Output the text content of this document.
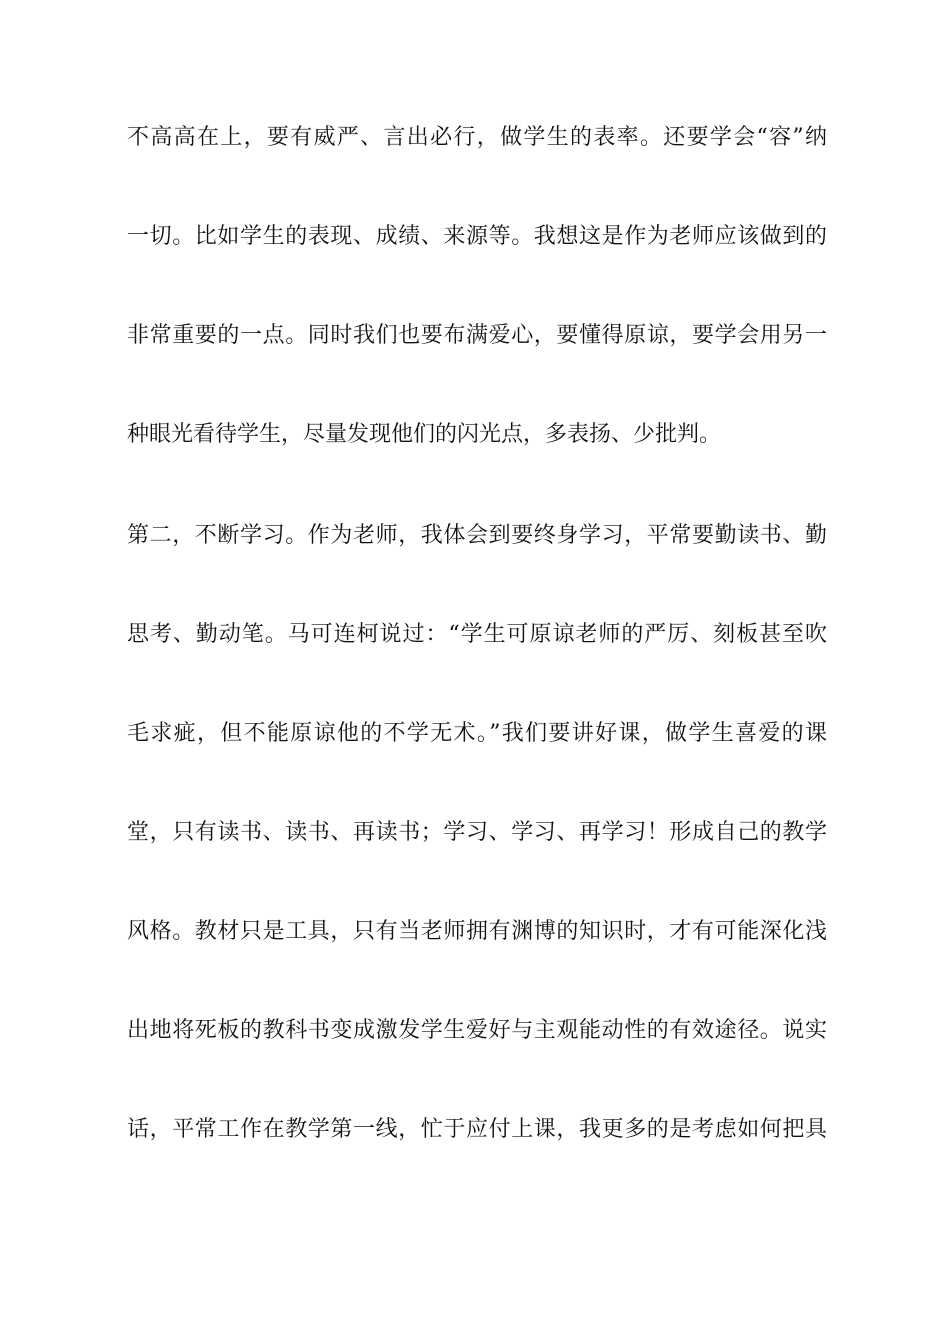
不高高在上，要有威严、言出必行，做学生的表率。还要学会“容”纳
一切。比如学生的表现、成绩、来源等。我想这是作为老师应该做到的
非常重要的一点。同时我们也要布满爱心，要懂得原谅，要学会用另一
种眼光看待学生，尽量发现他们的闪光点，多表扬、少批判。
第二，不断学习。作为老师，我体会到要终身学习，平常要勤读书、勤
思考、勤动笔。马可连柯说过：“学生可原谅老师的严厉、刻板甚至吹
毛求疵，但不能原谅他的不学无术。”我们要讲好课，做学生喜爱的课
堂，只有读书、读书、再读书；学习、学习、再学习！形成自己的教学
风格。教材只是工具，只有当老师拥有渊博的知识时，才有可能深化浅
出地将死板的教科书变成激发学生爱好与主观能动性的有效途径。说实
话，平常工作在教学第一线，忙于应付上课，我更多的是考虑如何把具
